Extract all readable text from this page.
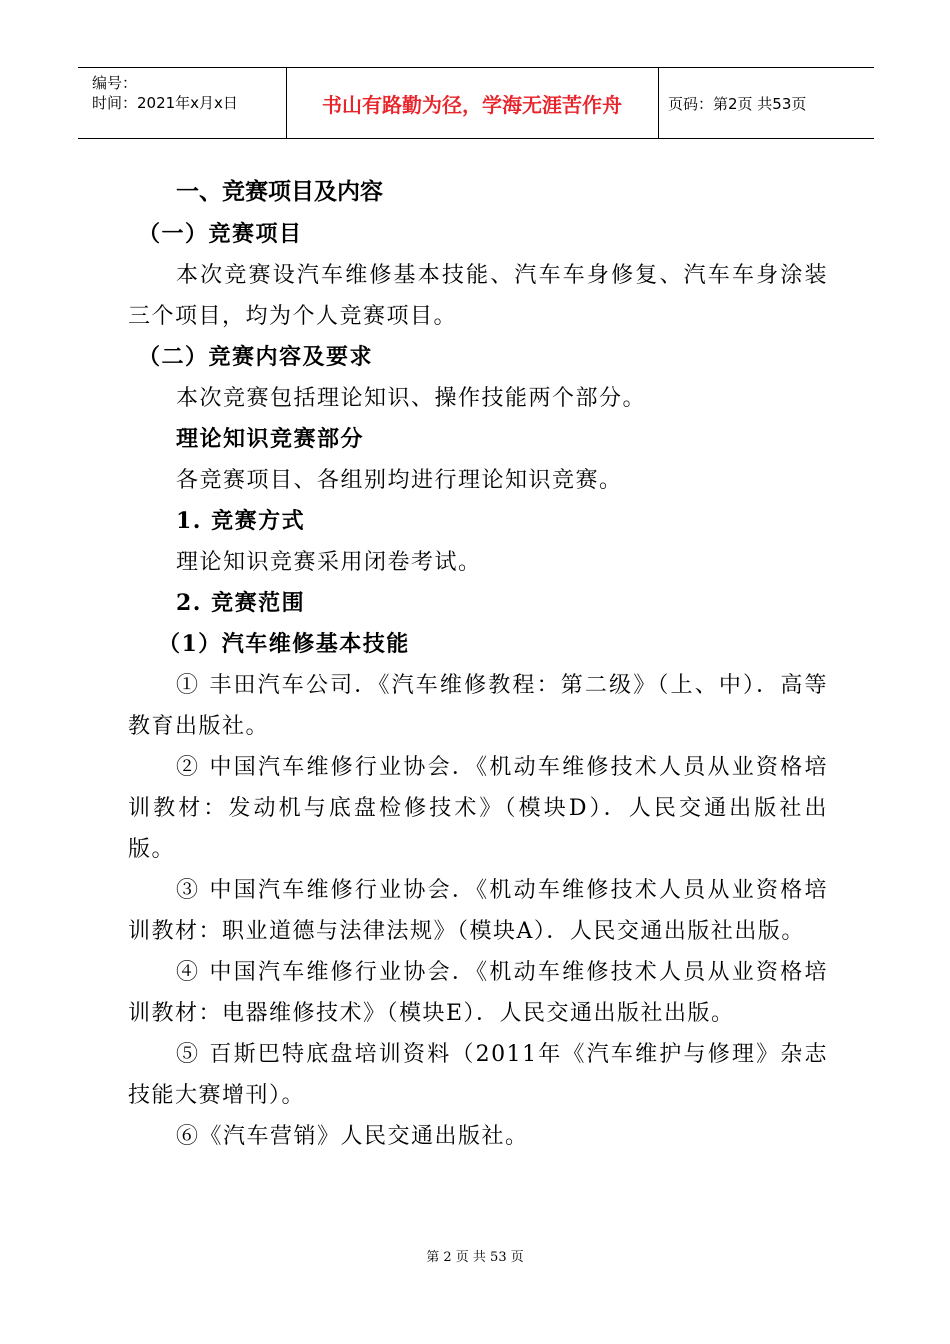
编号：
时间：2021年x月x日	书山有路勤为径，学海无涯苦作舟	页码：第2页 共53页

一、竞赛项目及内容

（一）竞赛项目

本次竞赛设汽车维修基本技能、汽车车身修复、汽车车身涂装三个项目，均为个人竞赛项目。

（二）竞赛内容及要求

本次竞赛包括理论知识、操作技能两个部分。

理论知识竞赛部分

各竞赛项目、各组别均进行理论知识竞赛。

1. 竞赛方式

理论知识竞赛采用闭卷考试。

2. 竞赛范围

（1）汽车维修基本技能

① 丰田汽车公司．《汽车维修教程：第二级》（上、中）．高等教育出版社。

② 中国汽车维修行业协会．《机动车维修技术人员从业资格培训教材：发动机与底盘检修技术》（模块D）．人民交通出版社出版。

③ 中国汽车维修行业协会．《机动车维修技术人员从业资格培训教材：职业道德与法律法规》（模块A）．人民交通出版社出版。

④ 中国汽车维修行业协会．《机动车维修技术人员从业资格培训教材：电器维修技术》（模块E）．人民交通出版社出版。

⑤ 百斯巴特底盘培训资料（2011年《汽车维护与修理》杂志技能大赛增刊）。

⑥《汽车营销》人民交通出版社。

第 2 页 共 53 页
